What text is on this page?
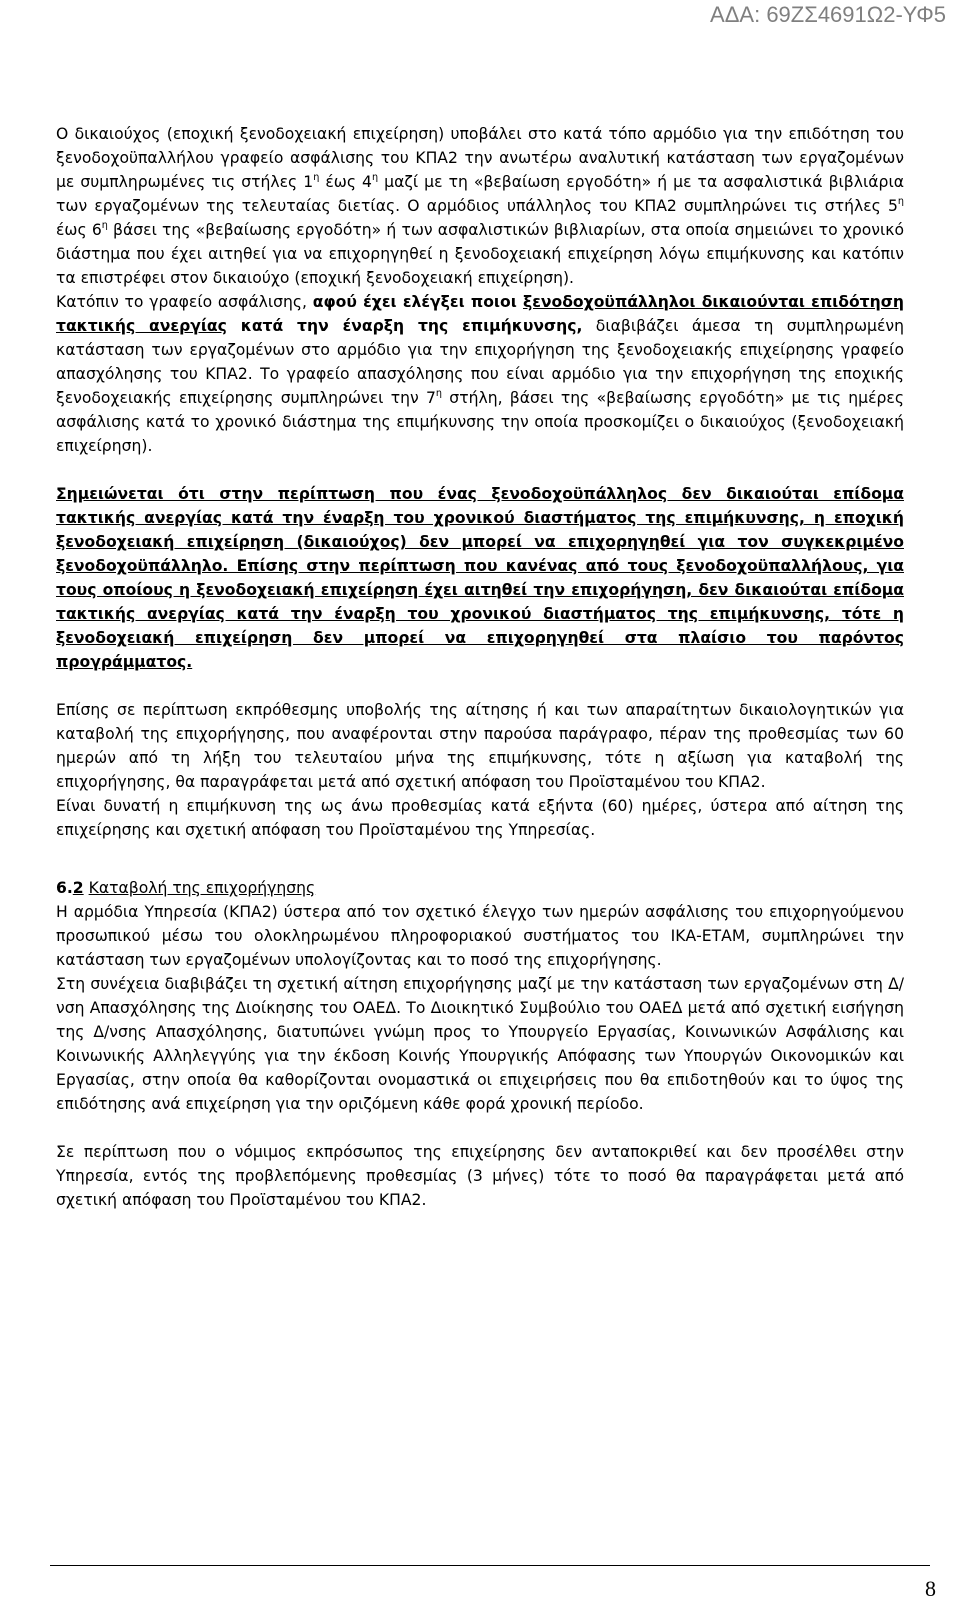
ΑΔΑ: 69ΖΣ4691Ω2-ΥΦ5

Ο δικαιούχος (εποχική ξενοδοχειακή επιχείρηση) υποβάλει στο κατά τόπο αρμόδιο για την επιδότηση του ξενοδοχοϋπαλλήλου γραφείο ασφάλισης του ΚΠΑ2 την ανωτέρω αναλυτική κατάσταση των εργαζομένων με συμπληρωμένες τις στήλες $1^\eta$ έως $4^\eta$ μαζί με τη «βεβαίωση εργοδότη» ή με τα ασφαλιστικά βιβλιάρια των εργαζομένων της τελευταίας διετίας. Ο αρμόδιος υπάλληλος του ΚΠΑ2 συμπληρώνει τις στήλες $5^\eta$ έως $6^\eta$ βάσει της «βεβαίωσης εργοδότη» ή των ασφαλιστικών βιβλιαρίων, στα οποία σημειώνει το χρονικό διάστημα που έχει αιτηθεί για να επιχορηγηθεί η ξενοδοχειακή επιχείρηση λόγω επιμήκυνσης και κατόπιν τα επιστρέφει στον δικαιούχο (εποχική ξενοδοχειακή επιχείρηση).

Κατόπιν το γραφείο ασφάλισης, αφού έχει ελέγξει ποιοι ξενοδοχοϋπάλληλοι δικαιούνται επιδότηση τακτικής ανεργίας κατά την έναρξη της επιμήκυνσης, διαβιβάζει άμεσα τη συμπληρωμένη κατάσταση των εργαζομένων στο αρμόδιο για την επιχορήγηση της ξενοδοχειακής επιχείρησης γραφείο απασχόλησης του ΚΠΑ2. Το γραφείο απασχόλησης που είναι αρμόδιο για την επιχορήγηση της εποχικής ξενοδοχειακής επιχείρησης συμπληρώνει την $7^\eta$ στήλη, βάσει της «βεβαίωσης εργοδότη» με τις ημέρες ασφάλισης κατά το χρονικό διάστημα της επιμήκυνσης την οποία προσκομίζει ο δικαιούχος (ξενοδοχειακή επιχείρηση).

Σημειώνεται ότι στην περίπτωση που ένας ξενοδοχοϋπάλληλος δεν δικαιούται επίδομα τακτικής ανεργίας κατά την έναρξη του χρονικού διαστήματος της επιμήκυνσης, η εποχική ξενοδοχειακή επιχείρηση (δικαιούχος) δεν μπορεί να επιχορηγηθεί για τον συγκεκριμένο ξενοδοχοϋπάλληλο. Επίσης στην περίπτωση που κανένας από τους ξενοδοχοϋπαλλήλους, για τους οποίους η ξενοδοχειακή επιχείρηση έχει αιτηθεί την επιχορήγηση, δεν δικαιούται επίδομα τακτικής ανεργίας κατά την έναρξη του χρονικού διαστήματος της επιμήκυνσης, τότε η ξενοδοχειακή επιχείρηση δεν μπορεί να επιχορηγηθεί στα πλαίσιο του παρόντος προγράμματος.

Επίσης σε περίπτωση εκπρόθεσμης υποβολής της αίτησης ή και των απαραίτητων δικαιολογητικών για καταβολή της επιχορήγησης, που αναφέρονται στην παρούσα παράγραφο, πέραν της προθεσμίας των 60 ημερών από τη λήξη του τελευταίου μήνα της επιμήκυνσης, τότε η αξίωση για καταβολή της επιχορήγησης, θα παραγράφεται μετά από σχετική απόφαση του Προϊσταμένου του ΚΠΑ2.

Είναι δυνατή η επιμήκυνση της ως άνω προθεσμίας κατά εξήντα (60) ημέρες, ύστερα από αίτηση της επιχείρησης και σχετική απόφαση του Προϊσταμένου της Υπηρεσίας.

6.2 Καταβολή της επιχορήγησης

Η αρμόδια Υπηρεσία (ΚΠΑ2) ύστερα από τον σχετικό έλεγχο των ημερών ασφάλισης του επιχορηγούμενου προσωπικού μέσω του ολοκληρωμένου πληροφοριακού συστήματος του ΙΚΑ-ΕΤΑΜ, συμπληρώνει την κατάσταση των εργαζομένων υπολογίζοντας και το ποσό της επιχορήγησης.

Στη συνέχεια διαβιβάζει τη σχετική αίτηση επιχορήγησης μαζί με την κατάσταση των εργαζομένων στη Δ/νση Απασχόλησης της Διοίκησης του ΟΑΕΔ. Το Διοικητικό Συμβούλιο του ΟΑΕΔ μετά από σχετική εισήγηση της Δ/νσης Απασχόλησης, διατυπώνει γνώμη προς το Υπουργείο Εργασίας, Κοινωνικών Ασφάλισης και Κοινωνικής Αλληλεγγύης για την έκδοση Κοινής Υπουργικής Απόφασης των Υπουργών Οικονομικών και Εργασίας, στην οποία θα καθορίζονται ονομαστικά οι επιχειρήσεις που θα επιδοτηθούν και το ύψος της επιδότησης ανά επιχείρηση για την οριζόμενη κάθε φορά χρονική περίοδο.

Σε περίπτωση που ο νόμιμος εκπρόσωπος της επιχείρησης δεν ανταποκριθεί και δεν προσέλθει στην Υπηρεσία, εντός της προβλεπόμενης προθεσμίας (3 μήνες) τότε το ποσό θα παραγράφεται μετά από σχετική απόφαση του Προϊσταμένου του ΚΠΑ2.

8
